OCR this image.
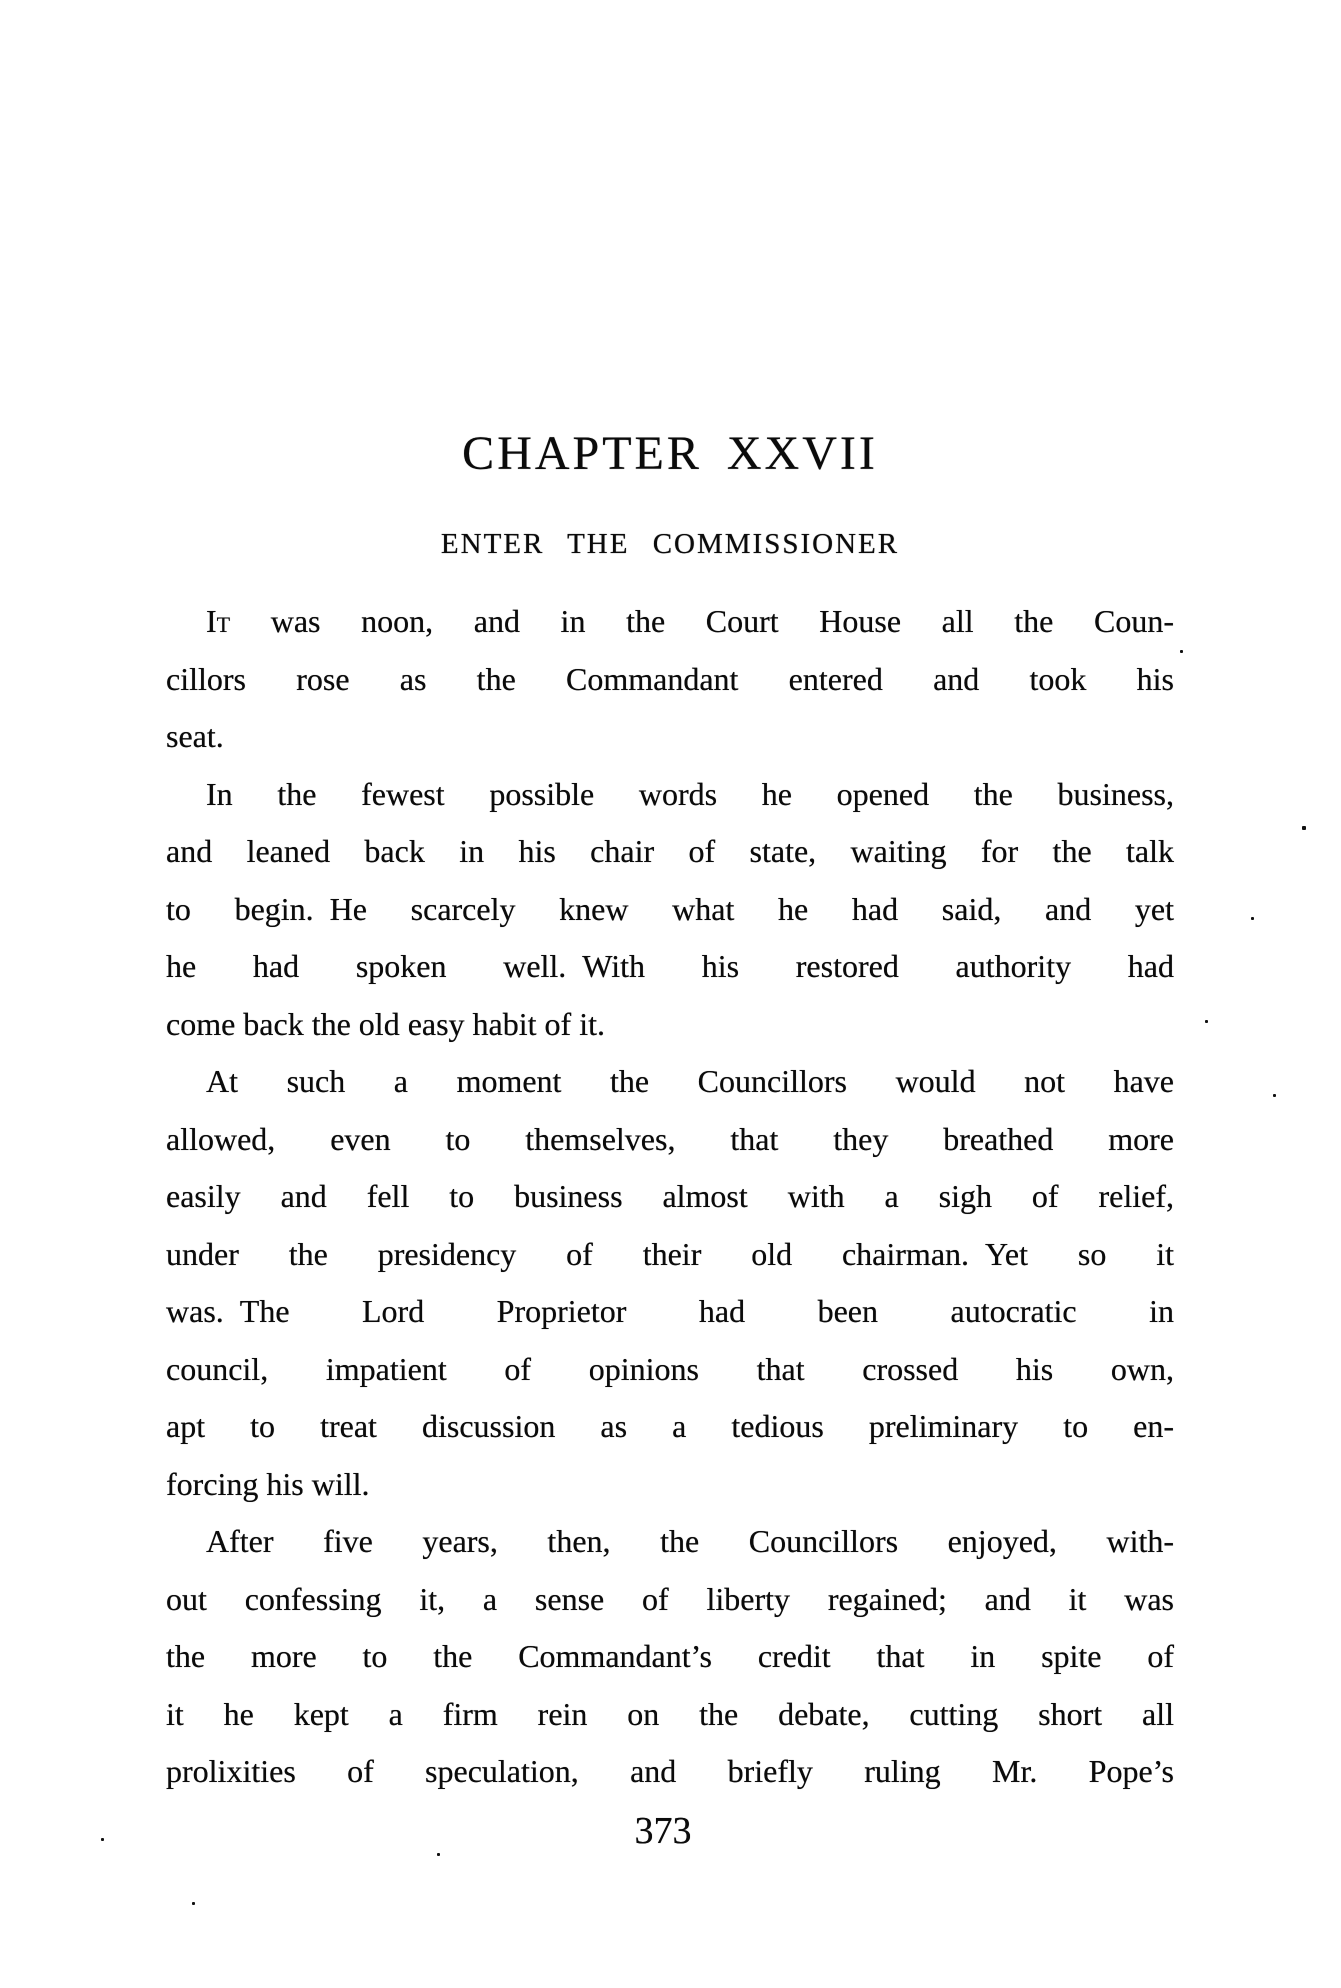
CHAPTER XXVII
ENTER THE COMMISSIONER
It was noon, and in the Court House all the Coun-
cillors rose as the Commandant entered and took his
seat.
In the fewest possible words he opened the business,
and leaned back in his chair of state, waiting for the talk
to begin. He scarcely knew what he had said, and yet
he had spoken well. With his restored authority had
come back the old easy habit of it.
At such a moment the Councillors would not have
allowed, even to themselves, that they breathed more
easily and fell to business almost with a sigh of relief,
under the presidency of their old chairman. Yet so it
was. The Lord Proprietor had been autocratic in
council, impatient of opinions that crossed his own,
apt to treat discussion as a tedious preliminary to en-
forcing his will.
After five years, then, the Councillors enjoyed, with-
out confessing it, a sense of liberty regained; and it was
the more to the Commandant’s credit that in spite of
it he kept a firm rein on the debate, cutting short all
prolixities of speculation, and briefly ruling Mr. Pope’s
373
